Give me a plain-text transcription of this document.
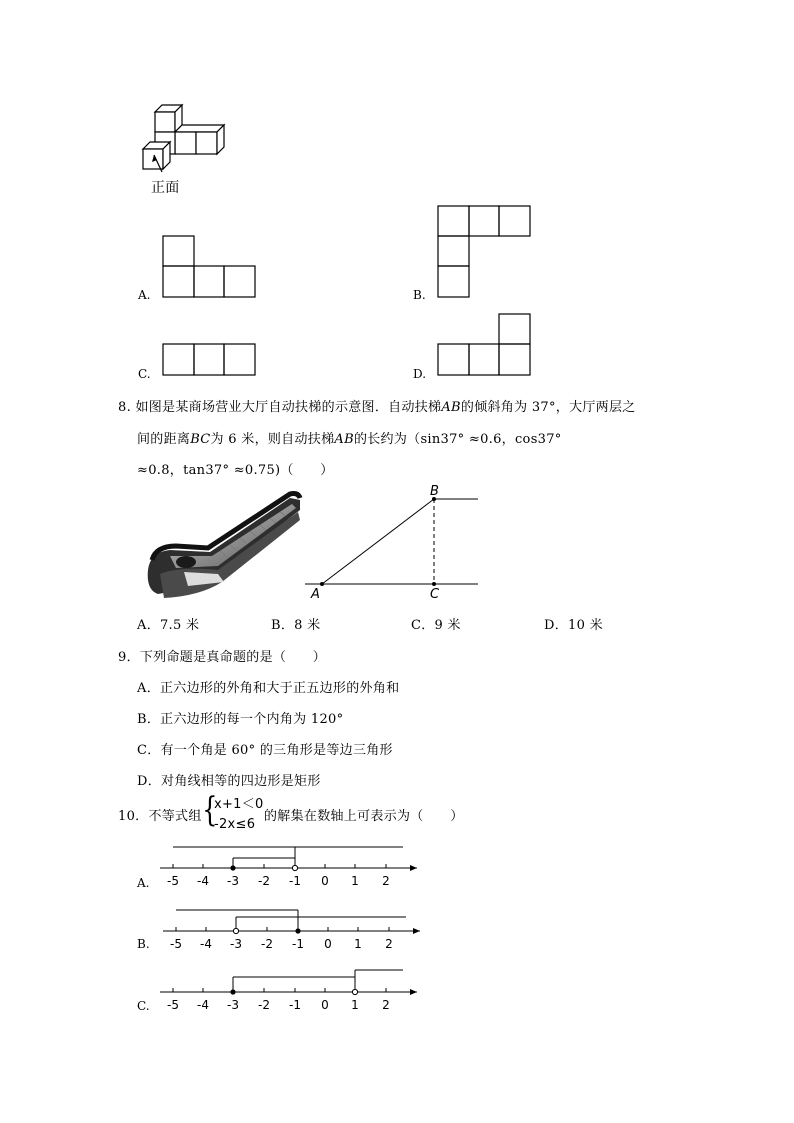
正面
A.	B.
C.	D.
8. 如图是某商场营业大厅自动扶梯的示意图．自动扶梯AB的倾斜角为 37°，大厅两层之
间的距离BC为 6 米，则自动扶梯AB的长约为（sin37° ≈0.6，cos37°
≈0.8，tan37° ≈0.75)（　　）
B
A	C
A．7.5 米	B．8 米	C．9 米	D．10 米
9．下列命题是真命题的是（　　）
A．正六边形的外角和大于正五边形的外角和
B．正六边形的每一个内角为 120°
C．有一个角是 60° 的三角形是等边三角形
D．对角线相等的四边形是矩形
10．不等式组 {
x+1＜0
-2x≤6
的解集在数轴上可表示为（　　）
A. -5 -4 -3 -2 -1 0 1 2
B. -5 -4 -3 -2 -1 0 1 2
C. -5 -4 -3 -2 -1 0 1 2
